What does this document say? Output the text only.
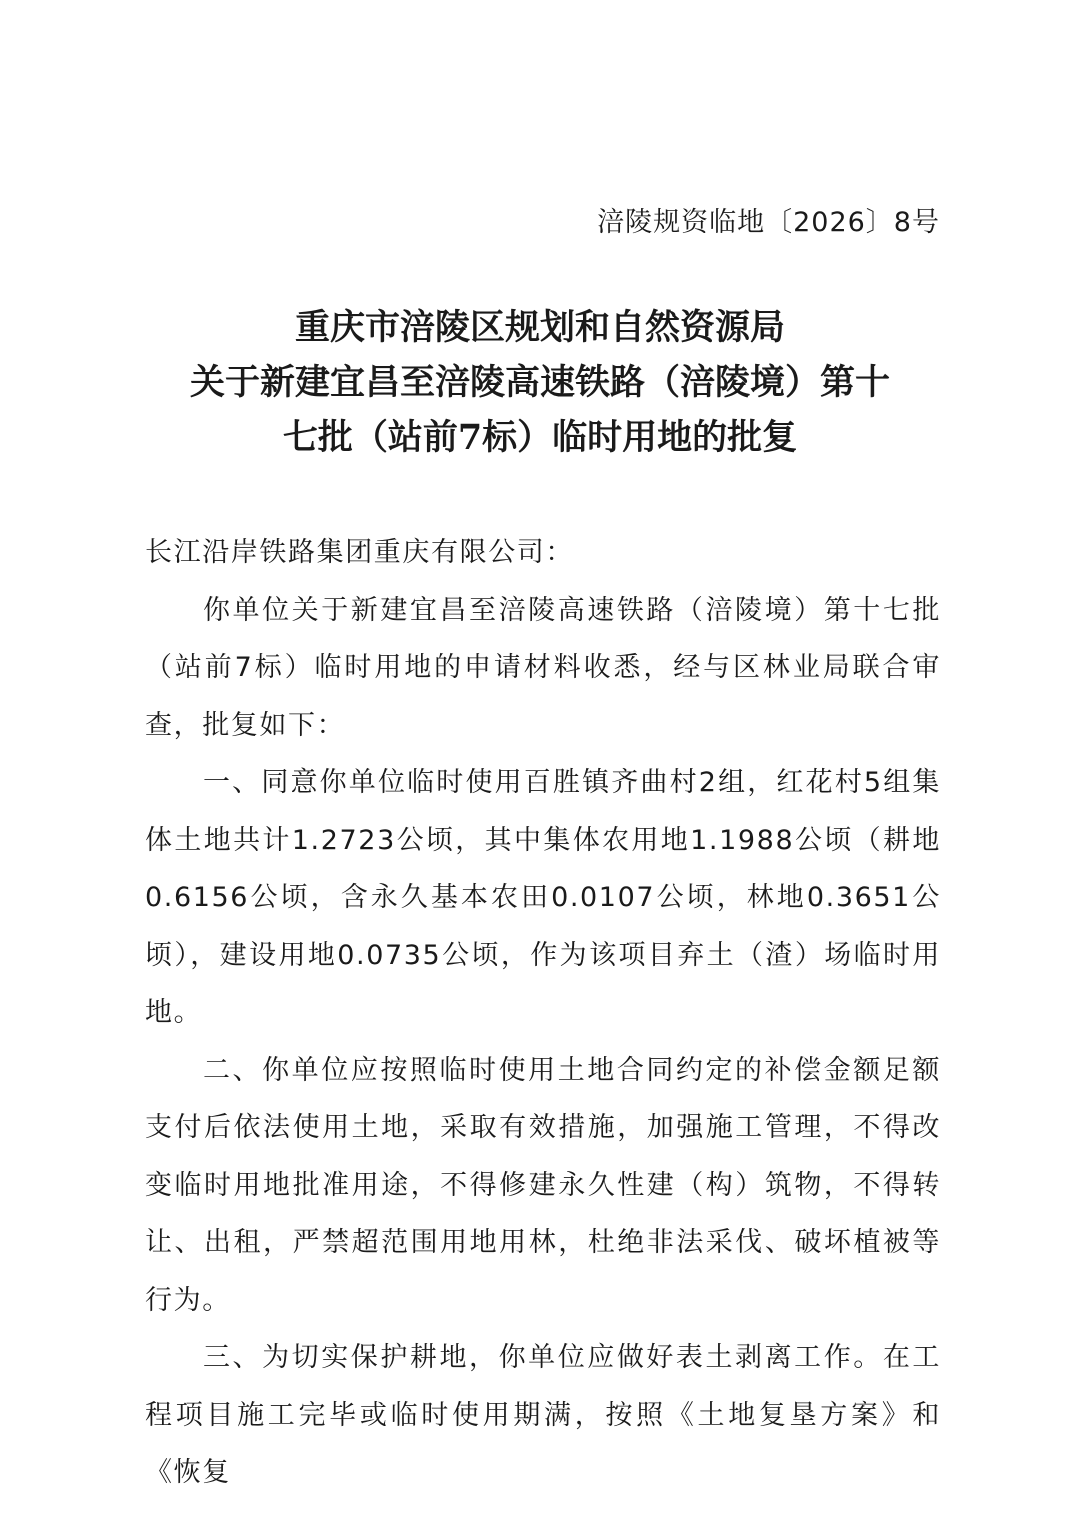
涪陵规资临地〔2026〕8号
重庆市涪陵区规划和自然资源局
关于新建宜昌至涪陵高速铁路（涪陵境）第十
七批（站前7标）临时用地的批复

长江沿岸铁路集团重庆有限公司：

你单位关于新建宜昌至涪陵高速铁路（涪陵境）第十七批（站前7标）临时用地的申请材料收悉，经与区林业局联合审查，批复如下：

一、同意你单位临时使用百胜镇齐曲村2组，红花村5组集体土地共计1.2723公顷，其中集体农用地1.1988公顷（耕地0.6156公顷，含永久基本农田0.0107公顷，林地0.3651公顷），建设用地0.0735公顷，作为该项目弃土（渣）场临时用地。

二、你单位应按照临时使用土地合同约定的补偿金额足额支付后依法使用土地，采取有效措施，加强施工管理，不得改变临时用地批准用途，不得修建永久性建（构）筑物，不得转让、出租，严禁超范围用地用林，杜绝非法采伐、破坏植被等行为。

三、为切实保护耕地，你单位应做好表土剥离工作。在工程项目施工完毕或临时使用期满，按照《土地复垦方案》和《恢复
